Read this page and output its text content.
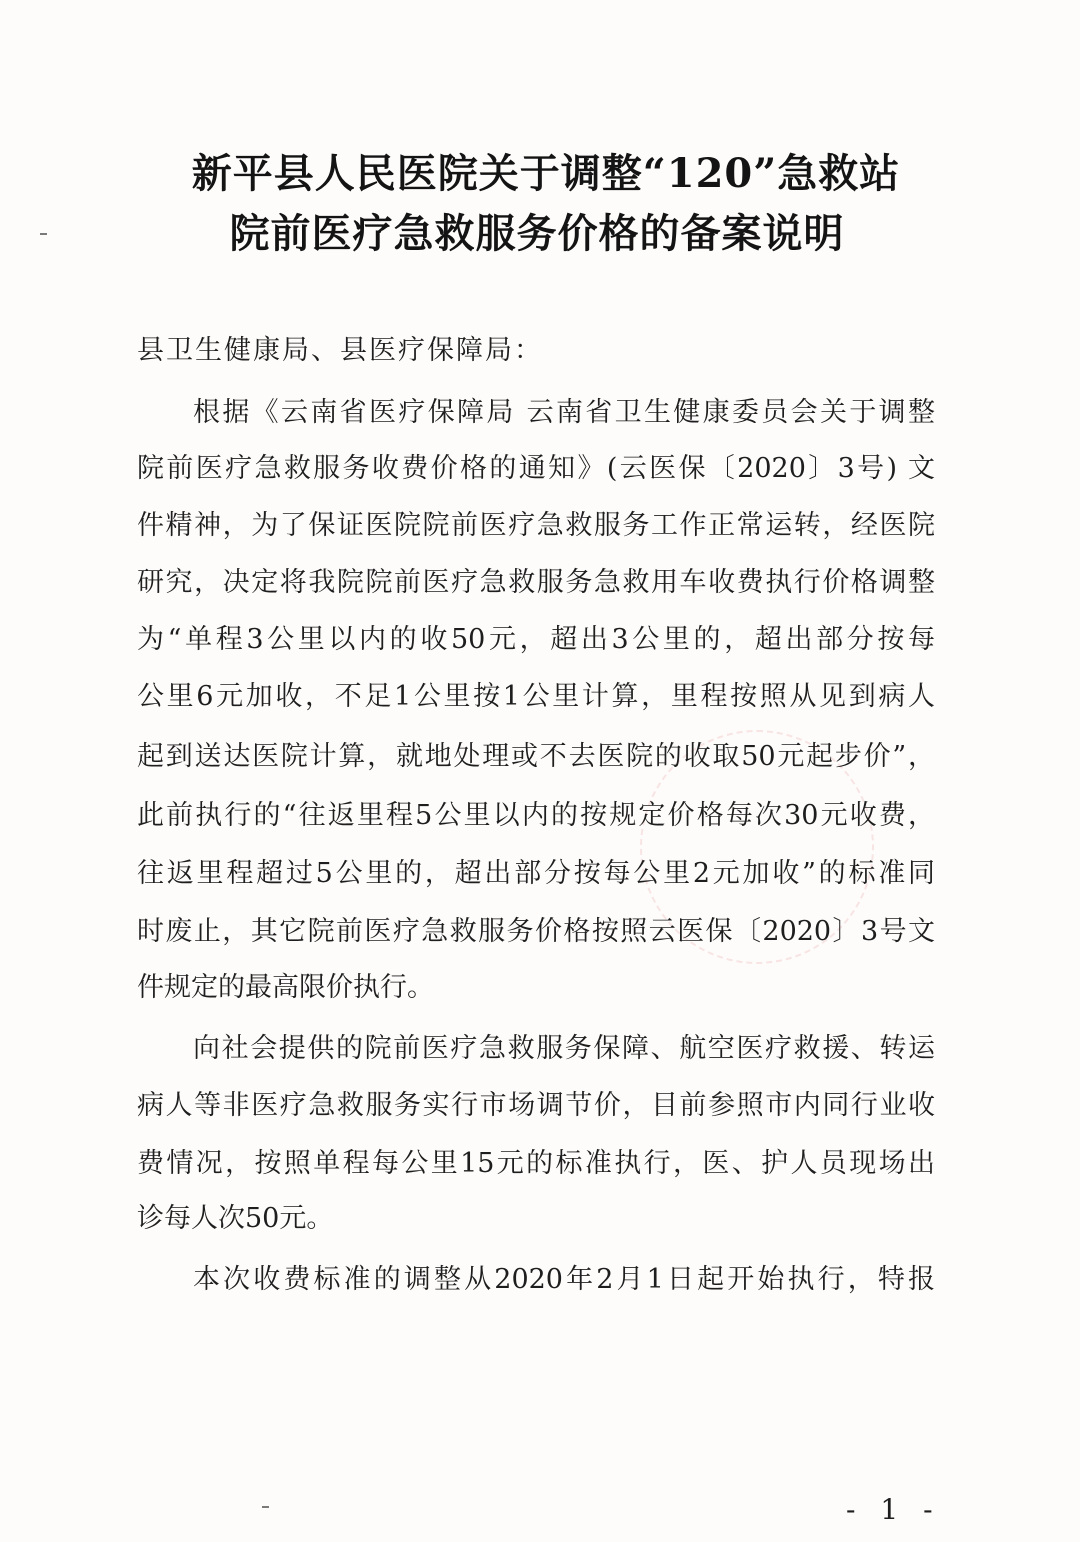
新平县人民医院关于调整“120”急救站
院前医疗急救服务价格的备案说明
县卫生健康局、县医疗保障局：
根据《云南省医疗保障局 云南省卫生健康委员会关于调整
院前医疗急救服务收费价格的通知》(云医保〔2020〕3号) 文
件精神，为了保证医院院前医疗急救服务工作正常运转，经医院
研究，决定将我院院前医疗急救服务急救用车收费执行价格调整
为“单程3公里以内的收50元，超出3公里的，超出部分按每
公里6元加收，不足1公里按1公里计算，里程按照从见到病人
起到送达医院计算，就地处理或不去医院的收取50元起步价”，
此前执行的“往返里程5公里以内的按规定价格每次30元收费，
往返里程超过5公里的，超出部分按每公里2元加收”的标准同
时废止，其它院前医疗急救服务价格按照云医保〔2020〕3号文
件规定的最高限价执行。
向社会提供的院前医疗急救服务保障、航空医疗救援、转运
病人等非医疗急救服务实行市场调节价，目前参照市内同行业收
费情况，按照单程每公里15元的标准执行，医、护人员现场出
诊每人次50元。
本次收费标准的调整从2020年2月1日起开始执行，特报
- 1 -
